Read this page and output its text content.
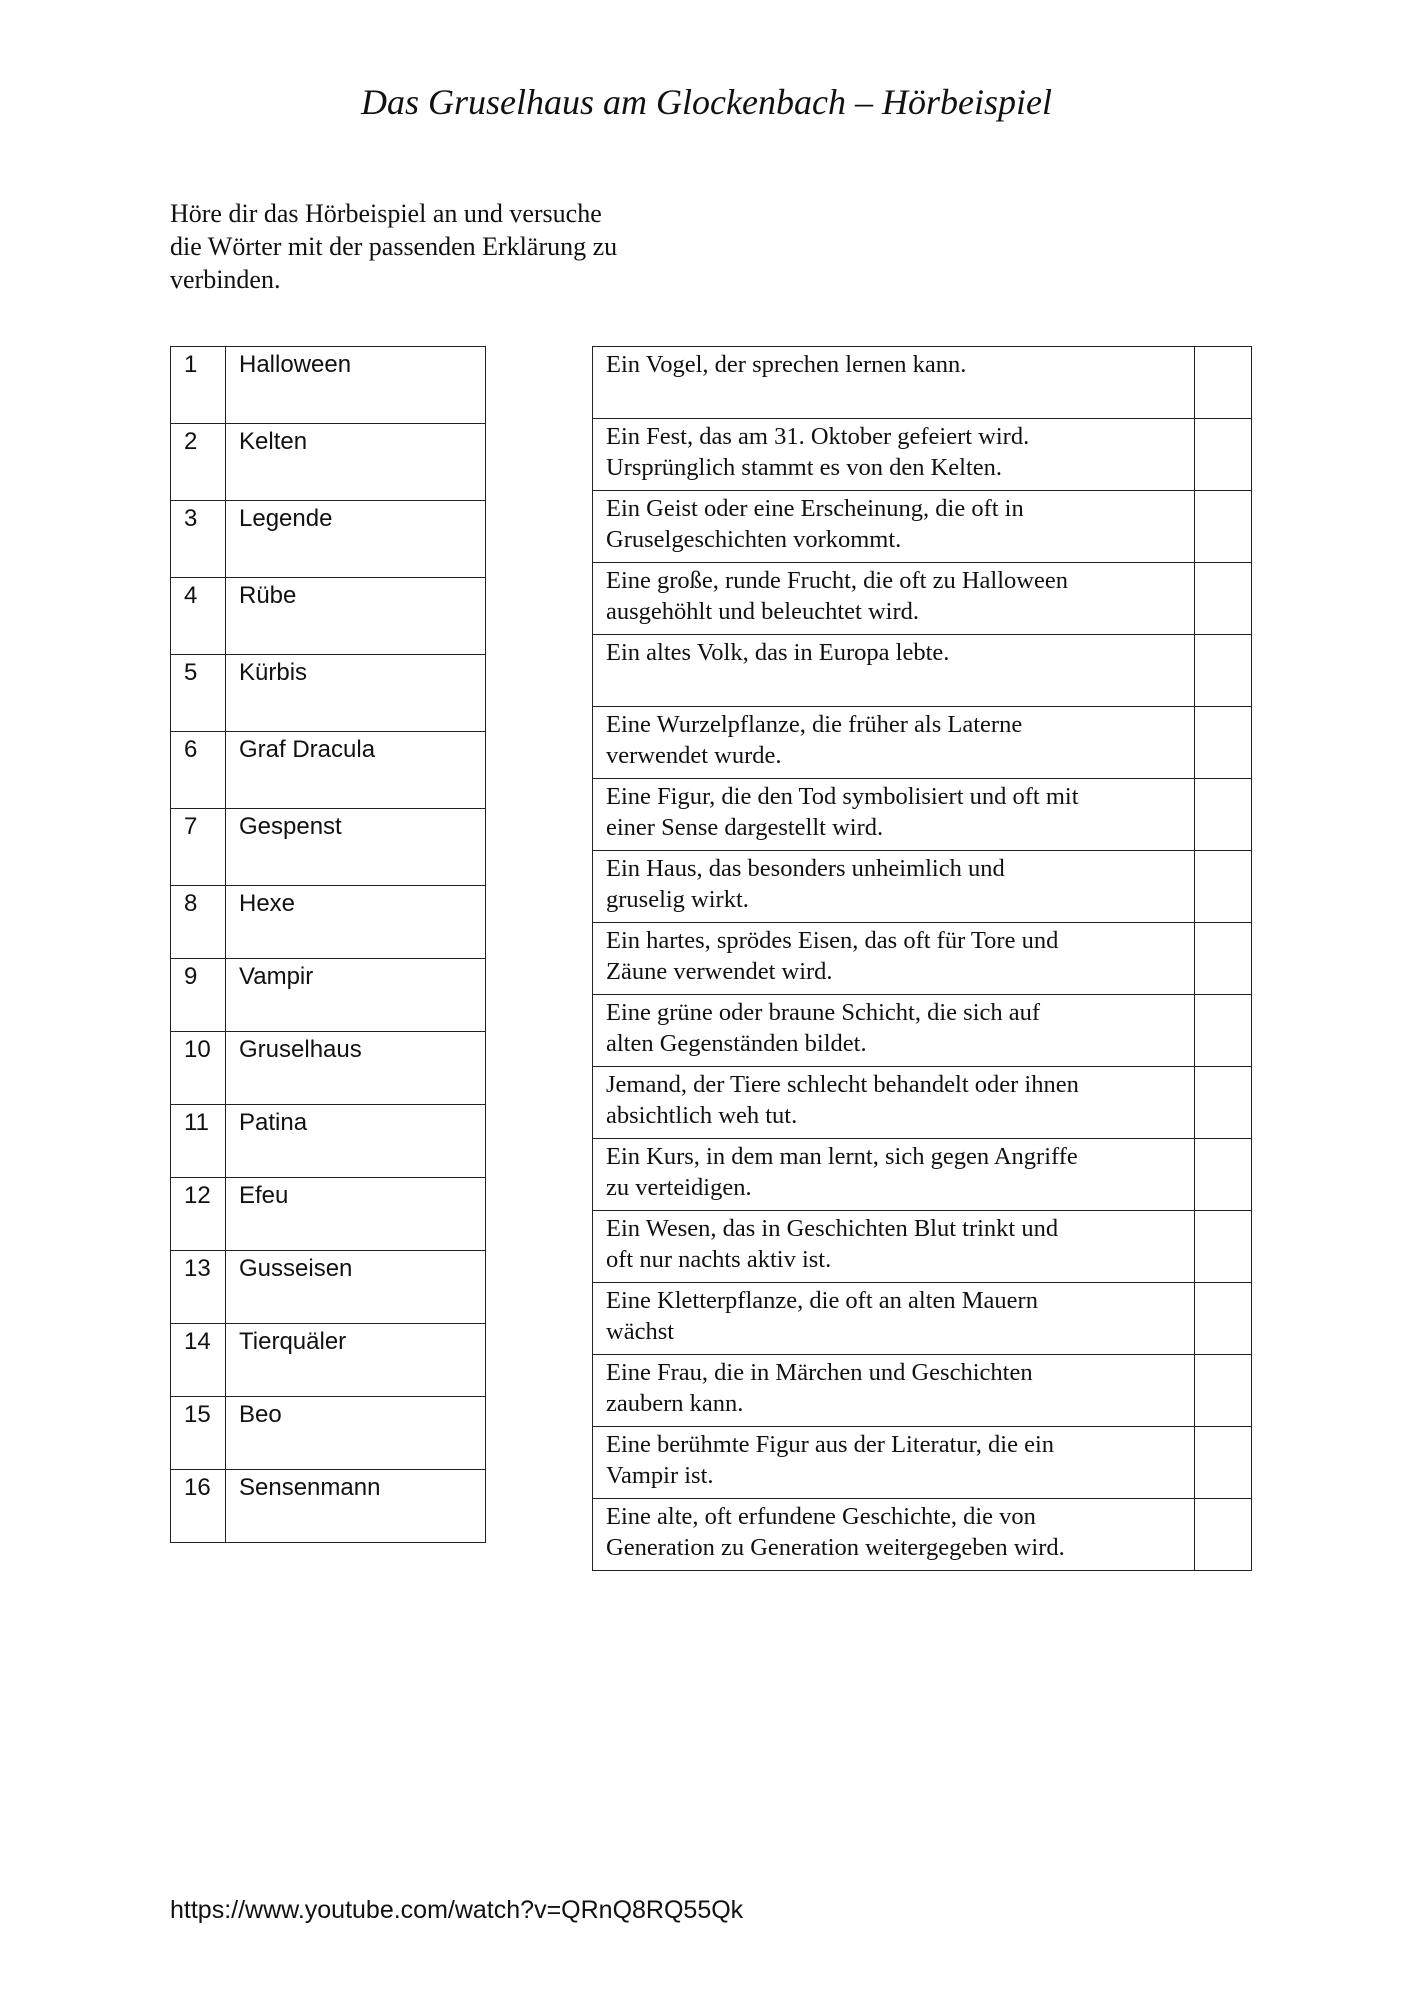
Das Gruselhaus am Glockenbach – Hörbeispiel
Höre dir das Hörbeispiel an und versuche
die Wörter mit der passenden Erklärung zu
verbinden.
1	Halloween
2	Kelten
3	Legende
4	Rübe
5	Kürbis
6	Graf Dracula
7	Gespenst
8	Hexe
9	Vampir
10	Gruselhaus
11	Patina
12	Efeu
13	Gusseisen
14	Tierquäler
15	Beo
16	Sensenmann
Ein Vogel, der sprechen lernen kann.	

Ein Fest, das am 31. Oktober gefeiert wird.
Ursprünglich stammt es von den Kelten.	

Ein Geist oder eine Erscheinung, die oft in
Gruselgeschichten vorkommt.	

Eine große, runde Frucht, die oft zu Halloween
ausgehöhlt und beleuchtet wird.	

Ein altes Volk, das in Europa lebte.	

Eine Wurzelpflanze, die früher als Laterne
verwendet wurde.	

Eine Figur, die den Tod symbolisiert und oft mit
einer Sense dargestellt wird.	

Ein Haus, das besonders unheimlich und
gruselig wirkt.	

Ein hartes, sprödes Eisen, das oft für Tore und
Zäune verwendet wird.	

Eine grüne oder braune Schicht, die sich auf
alten Gegenständen bildet.	

Jemand, der Tiere schlecht behandelt oder ihnen
absichtlich weh tut.	

Ein Kurs, in dem man lernt, sich gegen Angriffe
zu verteidigen.	

Ein Wesen, das in Geschichten Blut trinkt und
oft nur nachts aktiv ist.	

Eine Kletterpflanze, die oft an alten Mauern
wächst	

Eine Frau, die in Märchen und Geschichten
zaubern kann.	

Eine berühmte Figur aus der Literatur, die ein
Vampir ist.	

Eine alte, oft erfundene Geschichte, die von
Generation zu Generation weitergegeben wird.	

https://www.youtube.com/watch?v=QRnQ8RQ55Qk
